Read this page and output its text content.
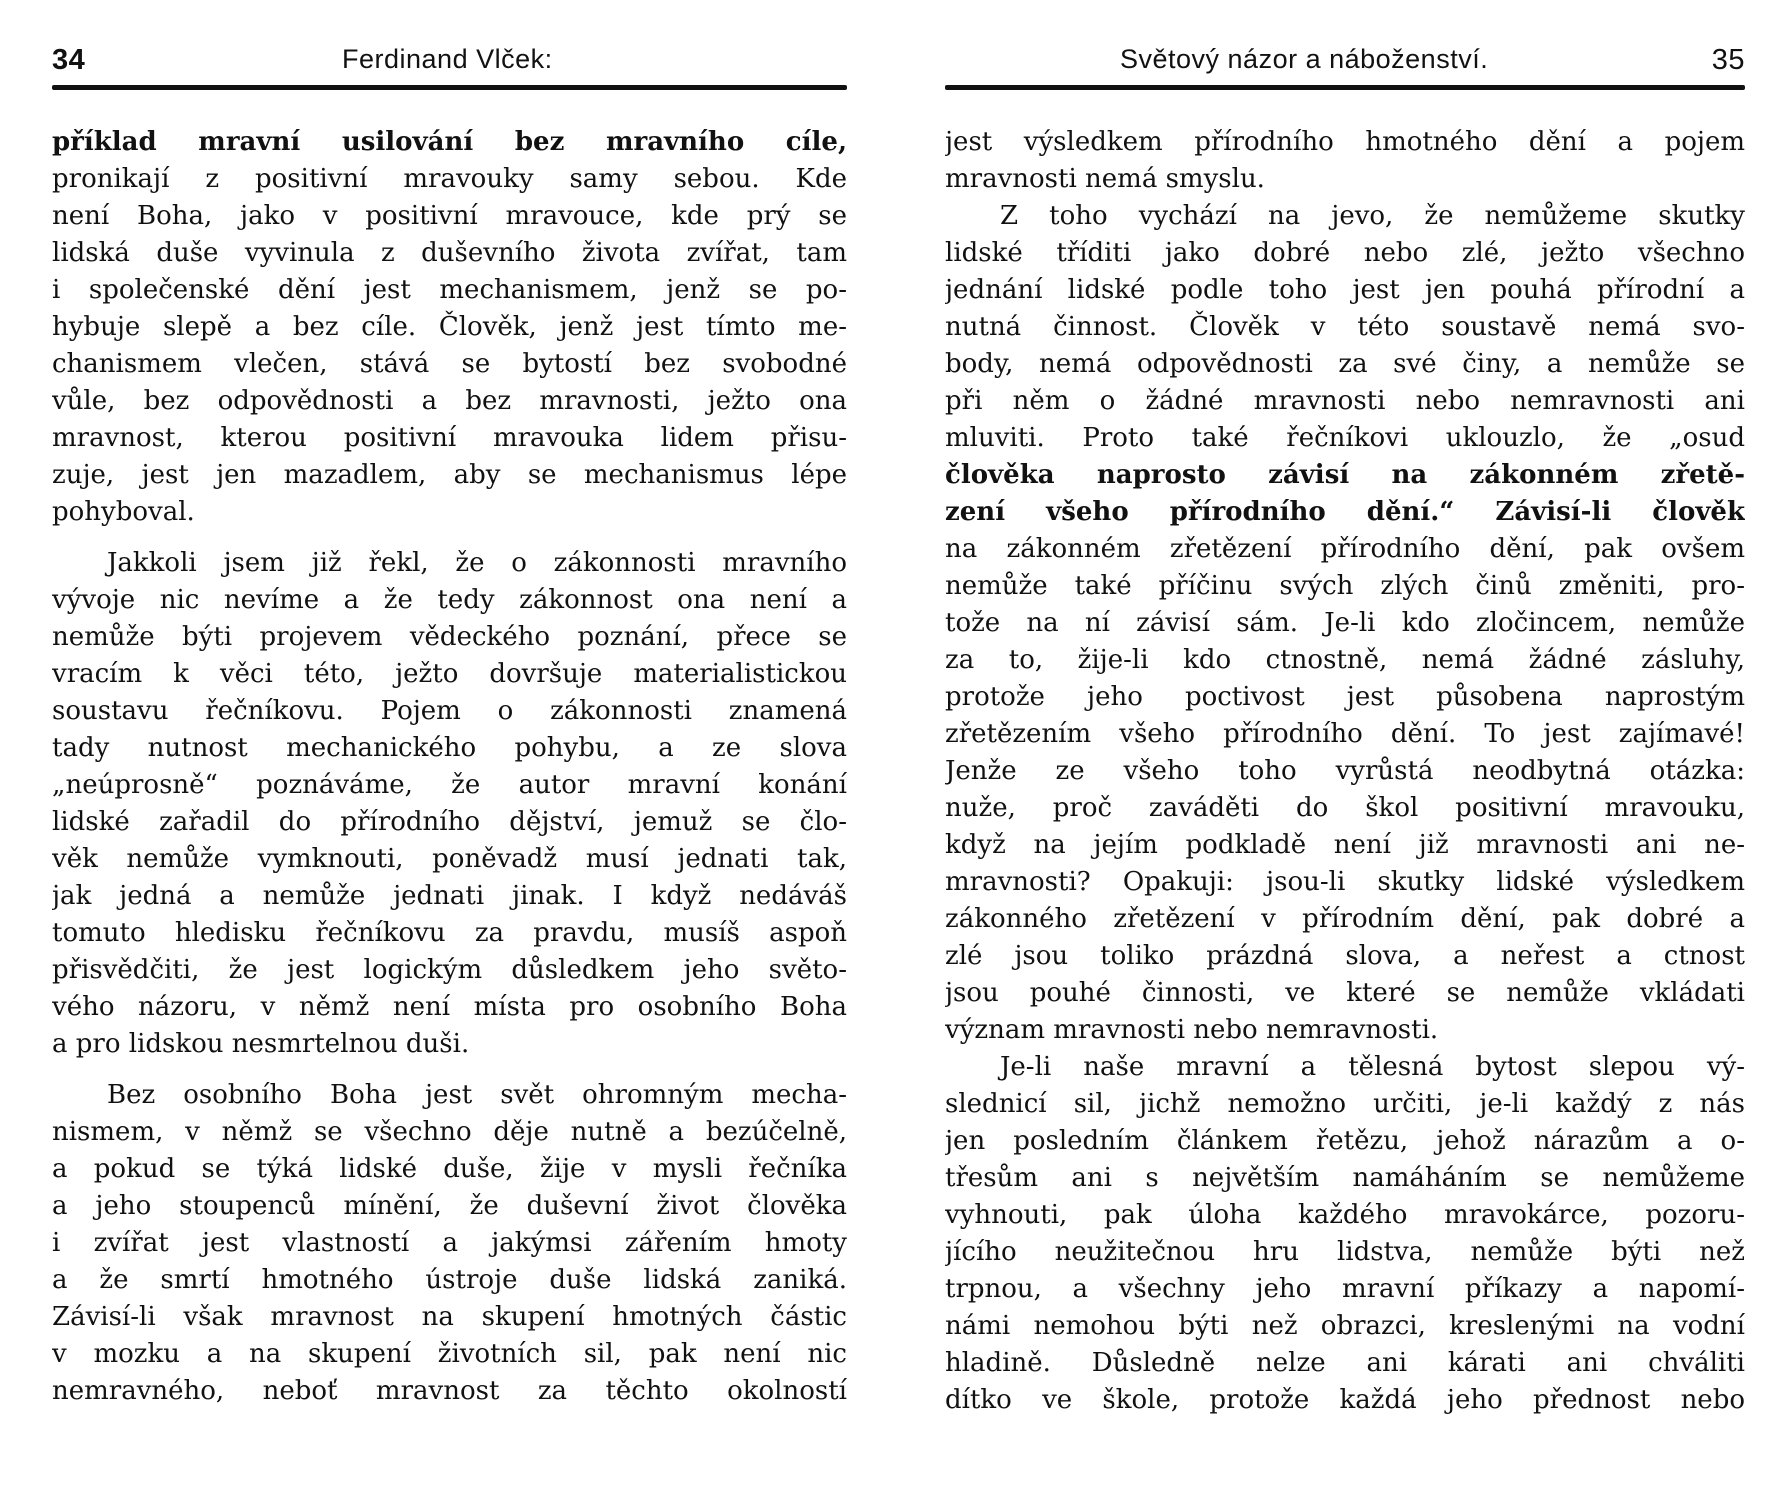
34	Ferdinand Vlček:
příklad mravní usilování bez mravního cíle,
pronikají z positivní mravouky samy sebou. Kde
není Boha, jako v positivní mravouce, kde prý se
lidská duše vyvinula z duševního života zvířat, tam
i společenské dění jest mechanismem, jenž se po-
hybuje slepě a bez cíle. Člověk, jenž jest tímto me-
chanismem vlečen, stává se bytostí bez svobodné
vůle, bez odpovědnosti a bez mravnosti, ježto ona
mravnost, kterou positivní mravouka lidem přisu-
zuje, jest jen mazadlem, aby se mechanismus lépe
pohyboval.
Jakkoli jsem již řekl, že o zákonnosti mravního
vývoje nic nevíme a že tedy zákonnost ona není a
nemůže býti projevem vědeckého poznání, přece se
vracím k věci této, ježto dovršuje materialistickou
soustavu řečníkovu. Pojem o zákonnosti znamená
tady nutnost mechanického pohybu, a ze slova
„neúprosně“ poznáváme, že autor mravní konání
lidské zařadil do přírodního dějství, jemuž se člo-
věk nemůže vymknouti, poněvadž musí jednati tak,
jak jedná a nemůže jednati jinak. I když nedáváš
tomuto hledisku řečníkovu za pravdu, musíš aspoň
přisvědčiti, že jest logickým důsledkem jeho světo-
vého názoru, v němž není místa pro osobního Boha
a pro lidskou nesmrtelnou duši.
Bez osobního Boha jest svět ohromným mecha-
nismem, v němž se všechno děje nutně a bezúčelně,
a pokud se týká lidské duše, žije v mysli řečníka
a jeho stoupenců mínění, že duševní život člověka
i zvířat jest vlastností a jakýmsi zářením hmoty
a že smrtí hmotného ústroje duše lidská zaniká.
Závisí-li však mravnost na skupení hmotných částic
v mozku a na skupení životních sil, pak není nic
nemravného, neboť mravnost za těchto okolností
Světový názor a náboženství.	35
jest výsledkem přírodního hmotného dění a pojem
mravnosti nemá smyslu.
Z toho vychází na jevo, že nemůžeme skutky
lidské tříditi jako dobré nebo zlé, ježto všechno
jednání lidské podle toho jest jen pouhá přírodní a
nutná činnost. Člověk v této soustavě nemá svo-
body, nemá odpovědnosti za své činy, a nemůže se
při něm o žádné mravnosti nebo nemravnosti ani
mluviti. Proto také řečníkovi uklouzlo, že „osud
člověka naprosto závisí na zákonném zřetě-
zení všeho přírodního dění.“ Závisí-li člověk
na zákonném zřetězení přírodního dění, pak ovšem
nemůže také příčinu svých zlých činů změniti, pro-
tože na ní závisí sám. Je-li kdo zločincem, nemůže
za to, žije-li kdo ctnostně, nemá žádné zásluhy,
protože jeho poctivost jest působena naprostým
zřetězením všeho přírodního dění. To jest zajímavé!
Jenže ze všeho toho vyrůstá neodbytná otázka:
nuže, proč zaváděti do škol positivní mravouku,
když na jejím podkladě není již mravnosti ani ne-
mravnosti? Opakuji: jsou-li skutky lidské výsledkem
zákonného zřetězení v přírodním dění, pak dobré a
zlé jsou toliko prázdná slova, a neřest a ctnost
jsou pouhé činnosti, ve které se nemůže vkládati
význam mravnosti nebo nemravnosti.
Je-li naše mravní a tělesná bytost slepou vý-
slednicí sil, jichž nemožno určiti, je-li každý z nás
jen posledním článkem řetězu, jehož nárazům a o-
třesům ani s největším namáháním se nemůžeme
vyhnouti, pak úloha každého mravokárce, pozoru-
jícího neužitečnou hru lidstva, nemůže býti než
trpnou, a všechny jeho mravní příkazy a napomí-
námi nemohou býti než obrazci, kreslenými na vodní
hladině. Důsledně nelze ani kárati ani chváliti
dítko ve škole, protože každá jeho přednost nebo
